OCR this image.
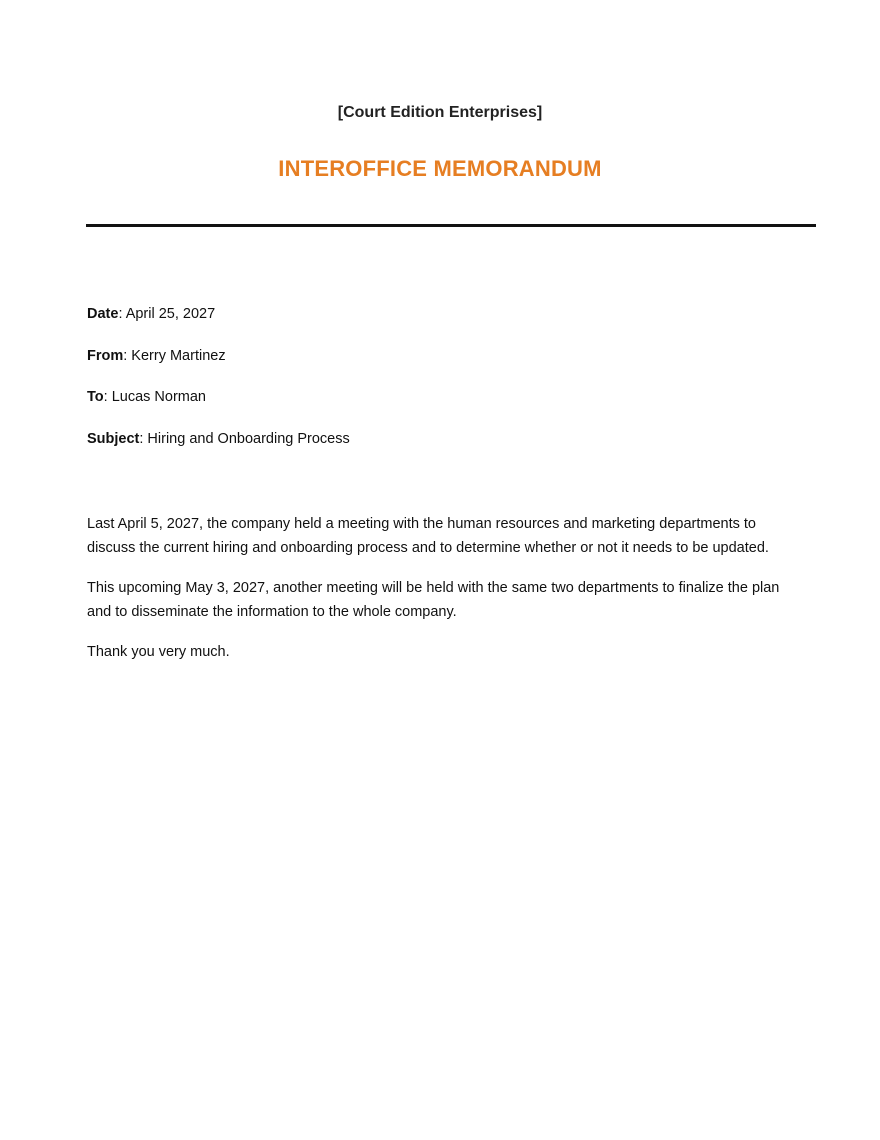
[Court Edition Enterprises]
INTEROFFICE MEMORANDUM
Date: April 25, 2027
From: Kerry Martinez
To: Lucas Norman
Subject: Hiring and Onboarding Process

Last April 5, 2027, the company held a meeting with the human resources and marketing departments to discuss the current hiring and onboarding process and to determine whether or not it needs to be updated.

This upcoming May 3, 2027, another meeting will be held with the same two departments to finalize the plan and to disseminate the information to the whole company.

Thank you very much.
